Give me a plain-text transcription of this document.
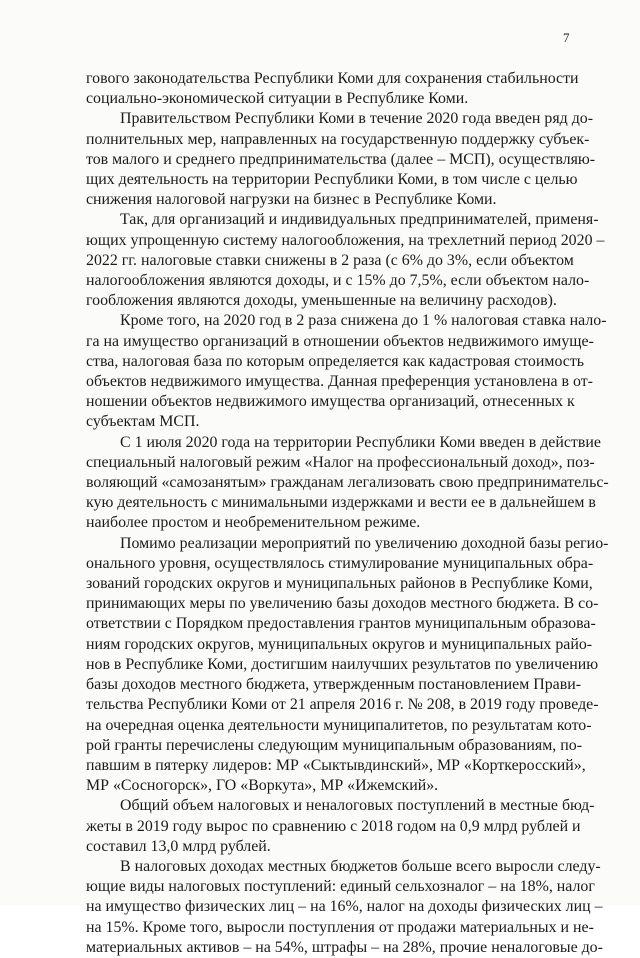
7
гового законодательства Республики Коми для сохранения стабильности
социально-экономической ситуации в Республике Коми.
Правительством Республики Коми в течение 2020 года введен ряд до-
полнительных мер, направленных на государственную поддержку субъек-
тов малого и среднего предпринимательства (далее – МСП), осуществляю-
щих деятельность на территории Республики Коми, в том числе с целью
снижения налоговой нагрузки на бизнес в Республике Коми.
Так, для организаций и индивидуальных предпринимателей, применя-
ющих упрощенную систему налогообложения, на трехлетний период 2020 –
2022 гг. налоговые ставки снижены в 2 раза (с 6% до 3%, если объектом
налогообложения являются доходы, и с 15% до 7,5%, если объектом нало-
гообложения являются доходы, уменьшенные на величину расходов).
Кроме того, на 2020 год в 2 раза снижена до 1 % налоговая ставка нало-
га на имущество организаций в отношении объектов недвижимого имуще-
ства, налоговая база по которым определяется как кадастровая стоимость
объектов недвижимого имущества. Данная преференция установлена в от-
ношении объектов недвижимого имущества организаций, отнесенных к
субъектам МСП.
С 1 июля 2020 года на территории Республики Коми введен в действие
специальный налоговый режим «Налог на профессиональный доход», поз-
воляющий «самозанятым» гражданам легализовать свою предпринимательс-
кую деятельность с минимальными издержками и вести ее в дальнейшем в
наиболее простом и необременительном режиме.
Помимо реализации мероприятий по увеличению доходной базы регио-
онального уровня, осуществлялось стимулирование муниципальных обра-
зований городских округов и муниципальных районов в Республике Коми,
принимающих меры по увеличению базы доходов местного бюджета. В со-
ответствии с Порядком предоставления грантов муниципальным образова-
ниям городских округов, муниципальных округов и муниципальных райо-
нов в Республике Коми, достигшим наилучших результатов по увеличению
базы доходов местного бюджета, утвержденным постановлением Прави-
тельства Республики Коми от 21 апреля 2016 г. № 208, в 2019 году проведе-
на очередная оценка деятельности муниципалитетов, по результатам кото-
рой гранты перечислены следующим муниципальным образованиям, по-
павшим в пятерку лидеров: МР «Сыктывдинский», МР «Корткеросский»,
МР «Сосногорск», ГО «Воркута», МР «Ижемский».
Общий объем налоговых и неналоговых поступлений в местные бюд-
жеты в 2019 году вырос по сравнению с 2018 годом на 0,9 млрд рублей и
составил 13,0 млрд рублей.
В налоговых доходах местных бюджетов больше всего выросли следу-
ющие виды налоговых поступлений: единый сельхозналог – на 18%, налог
на имущество физических лиц – на 16%, налог на доходы физических лиц –
на 15%. Кроме того, выросли поступления от продажи материальных и не-
материальных активов – на 54%, штрафы – на 28%, прочие неналоговые до-
